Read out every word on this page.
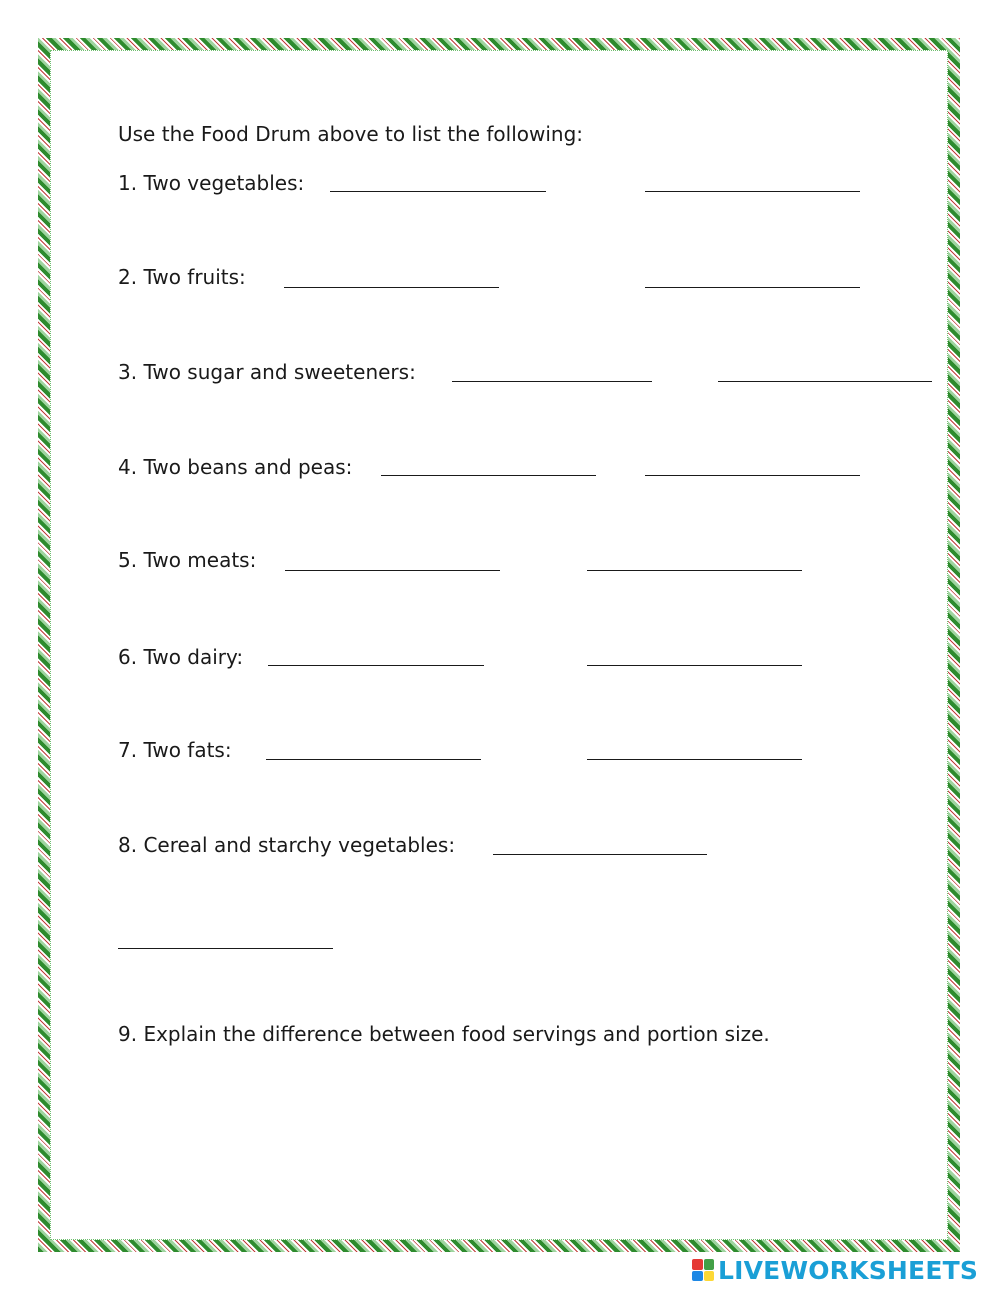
Use the Food Drum above to list the following:
1. Two vegetables:
2. Two fruits:
3. Two sugar and sweeteners:
4. Two beans and peas:
5. Two meats:
6. Two dairy:
7. Two fats:
8. Cereal and starchy vegetables:
9. Explain the difference between food servings and portion size.
LIVEWORKSHEETS
